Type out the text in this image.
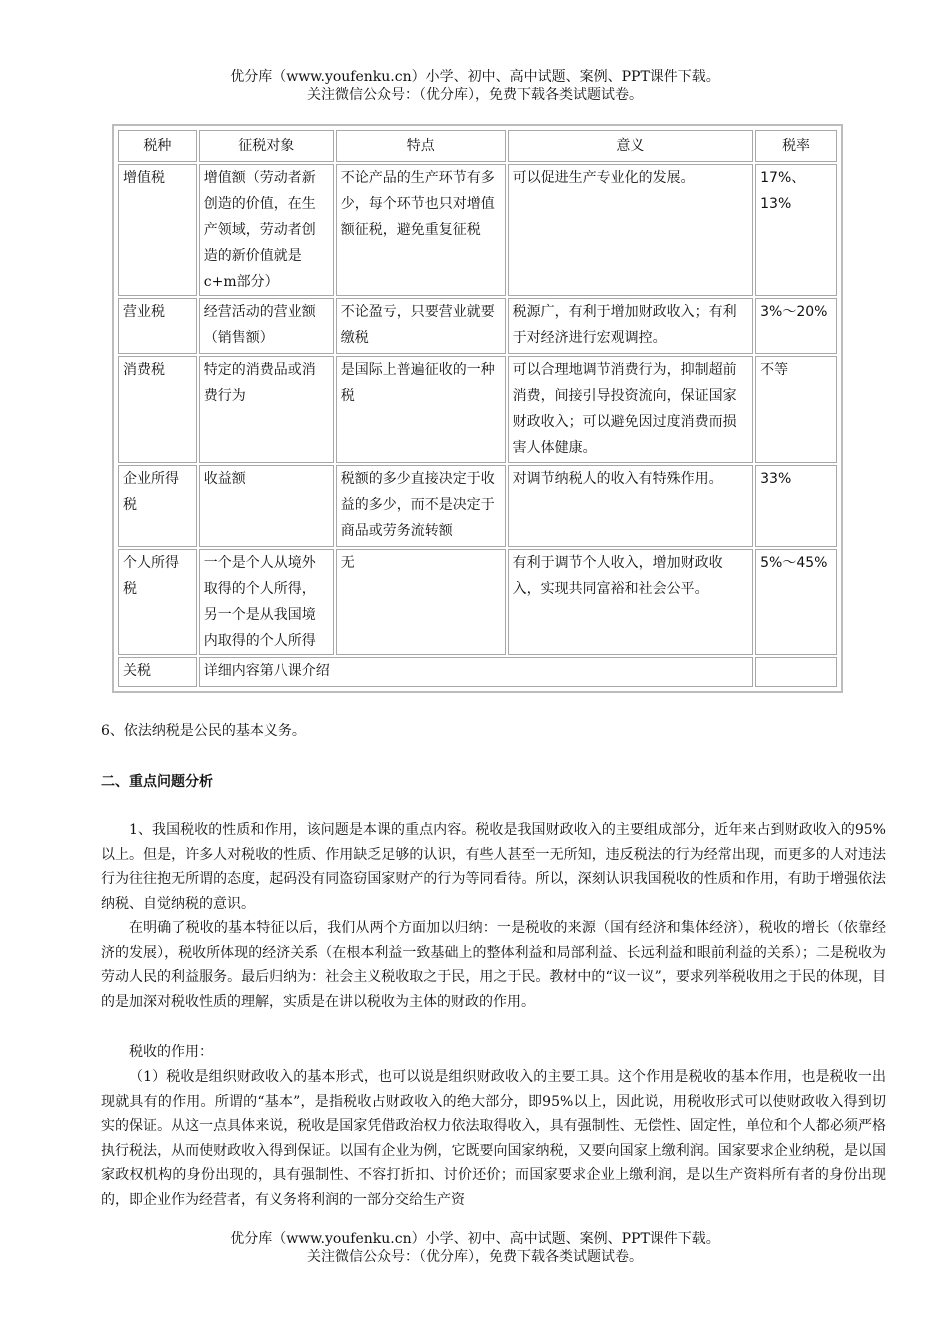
优分库（www.youfenku.cn）小学、初中、高中试题、案例、PPT课件下载。
关注微信公众号：（优分库），免费下载各类试题试卷。
税种	征税对象	特点	意义	税率
增值税	增值额（劳动者新创造的价值，在生产领域，劳动者创造的新价值就是c+m部分）	不论产品的生产环节有多少，每个环节也只对增值额征税，避免重复征税	可以促进生产专业化的发展。	17%、13%
营业税	经营活动的营业额（销售额）	不论盈亏，只要营业就要缴税	税源广，有利于增加财政收入；有利于对经济进行宏观调控。	3%～20%
消费税	特定的消费品或消费行为	是国际上普遍征收的一种税	可以合理地调节消费行为，抑制超前消费，间接引导投资流向，保证国家财政收入；可以避免因过度消费而损害人体健康。	不等
企业所得税	收益额	税额的多少直接决定于收益的多少，而不是决定于商品或劳务流转额	对调节纳税人的收入有特殊作用。	33%
个人所得税	一个是个人从境外取得的个人所得，另一个是从我国境内取得的个人所得	无	有利于调节个人收入，增加财政收入，实现共同富裕和社会公平。	5%～45%
关税	详细内容第八课介绍			
6、依法纳税是公民的基本义务。
二、重点问题分析
1、我国税收的性质和作用，该问题是本课的重点内容。税收是我国财政收入的主要组成部分，近年来占到财政收入的95%以上。但是，许多人对税收的性质、作用缺乏足够的认识，有些人甚至一无所知，违反税法的行为经常出现，而更多的人对违法行为往往抱无所谓的态度，起码没有同盗窃国家财产的行为等同看待。所以，深刻认识我国税收的性质和作用，有助于增强依法纳税、自觉纳税的意识。
在明确了税收的基本特征以后，我们从两个方面加以归纳：一是税收的来源（国有经济和集体经济），税收的增长（依靠经济的发展），税收所体现的经济关系（在根本利益一致基础上的整体利益和局部利益、长远利益和眼前利益的关系）；二是税收为劳动人民的利益服务。最后归纳为：社会主义税收取之于民，用之于民。教材中的“议一议”，要求列举税收用之于民的体现，目的是加深对税收性质的理解，实质是在讲以税收为主体的财政的作用。
税收的作用：
（1）税收是组织财政收入的基本形式，也可以说是组织财政收入的主要工具。这个作用是税收的基本作用，也是税收一出现就具有的作用。所谓的“基本”，是指税收占财政收入的绝大部分，即95%以上，因此说，用税收形式可以使财政收入得到切实的保证。从这一点具体来说，税收是国家凭借政治权力依法取得收入，具有强制性、无偿性、固定性，单位和个人都必须严格执行税法，从而使财政收入得到保证。以国有企业为例，它既要向国家纳税，又要向国家上缴利润。国家要求企业纳税，是以国家政权机构的身份出现的，具有强制性、不容打折扣、讨价还价；而国家要求企业上缴利润，是以生产资料所有者的身份出现的，即企业作为经营者，有义务将利润的一部分交给生产资
优分库（www.youfenku.cn）小学、初中、高中试题、案例、PPT课件下载。
关注微信公众号：（优分库），免费下载各类试题试卷。
